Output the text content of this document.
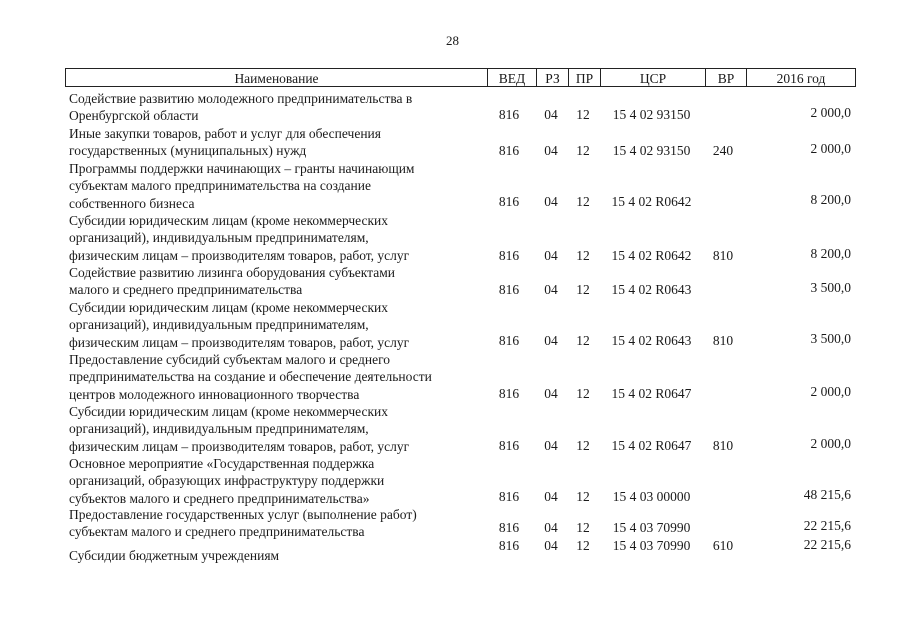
28
Наименование	ВЕД	РЗ	ПР	ЦСР	ВР	2016 год
Содействие развитию молодежного предпринимательства в
Оренбургской области	816	04	12	15 4 02 93150	2 000,0
Иные закупки товаров, работ и услуг для обеспечения
государственных (муниципальных) нужд	816	04	12	15 4 02 93150	240	2 000,0
Программы поддержки начинающих – гранты начинающим
субъектам малого предпринимательства на создание
собственного бизнеса	816	04	12	15 4 02 R0642	8 200,0
Субсидии юридическим лицам (кроме некоммерческих
организаций), индивидуальным предпринимателям,
физическим лицам – производителям товаров, работ, услуг	816	04	12	15 4 02 R0642	810	8 200,0
Содействие развитию лизинга оборудования субъектами
малого и среднего предпринимательства	816	04	12	15 4 02 R0643	3 500,0
Субсидии юридическим лицам (кроме некоммерческих
организаций), индивидуальным предпринимателям,
физическим лицам – производителям товаров, работ, услуг	816	04	12	15 4 02 R0643	810	3 500,0
Предоставление субсидий субъектам малого и среднего
предпринимательства на создание и обеспечение деятельности
центров молодежного инновационного творчества	816	04	12	15 4 02 R0647	2 000,0
Субсидии юридическим лицам (кроме некоммерческих
организаций), индивидуальным предпринимателям,
физическим лицам – производителям товаров, работ, услуг	816	04	12	15 4 02 R0647	810	2 000,0
Основное мероприятие «Государственная поддержка
организаций, образующих инфраструктуру поддержки
субъектов малого и среднего предпринимательства»	816	04	12	15 4 03 00000	48 215,6
Предоставление государственных услуг (выполнение работ)
субъектам малого и среднего предпринимательства	816	04	12	15 4 03 70990	22 215,6
Субсидии бюджетным учреждениям
816	04	12	15 4 03 70990	610	22 215,6
